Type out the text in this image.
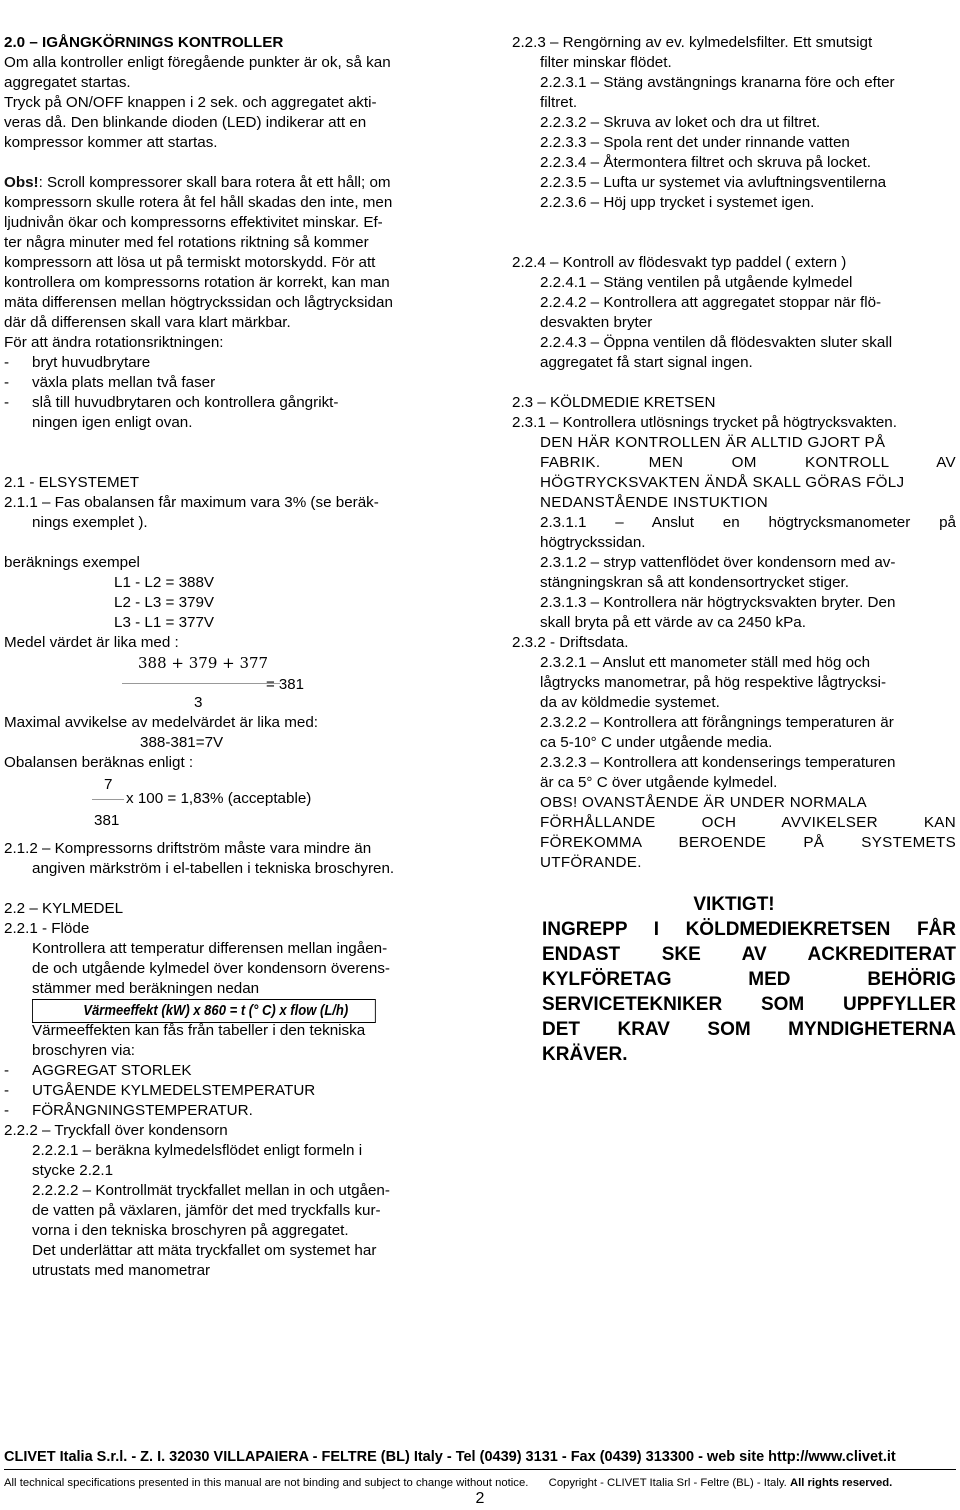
2.0 – IGÅNGKÖRNINGS KONTROLLER

Om alla kontroller enligt föregående punkter är ok, så kan

aggregatet startas.

Tryck på ON/OFF knappen i 2 sek. och aggregatet akti-

veras då. Den blinkande dioden (LED) indikerar att en

kompressor kommer att startas.

Obs!: Scroll kompressorer skall bara rotera åt ett håll; om

kompressorn skulle rotera åt fel håll skadas den inte, men

ljudnivån ökar och kompressorns effektivitet minskar. Ef-

ter några minuter med fel rotations riktning så kommer

kompressorn att lösa ut på termiskt motorskydd. För att

kontrollera om kompressorns rotation är korrekt, kan man

mäta differensen mellan högtryckssidan och lågtrycksidan

där då differensen skall vara klart märkbar.

För att ändra rotationsriktningen:

-	bryt huvudbrytare
-	växla plats mellan två faser
-	slå till huvudbrytaren och kontrollera gångrikt-
ningen igen enligt ovan.

2.1 - ELSYSTEMET

2.1.1 – Fas obalansen får maximum vara 3% (se beräk-

nings exemplet ).

beräknings exempel

L1 - L2 = 388V

L2 - L3 = 379V

L3 - L1 = 377V

Medel värdet är lika med :

388 + 379 + 377
= 381
3

Maximal avvikelse av medelvärdet är lika med:

388-381=7V

Obalansen beräknas enligt :

7
x 100 = 1,83% (acceptable)
381

2.1.2 – Kompressorns driftström måste vara mindre än

angiven märkström i el-tabellen i tekniska broschyren.

2.2 – KYLMEDEL

2.2.1 - Flöde

Kontrollera att temperatur differensen mellan ingåen-

de och utgående kylmedel över kondensorn överens-

stämmer med beräkningen nedan

Värmeeffekt (kW) x 860 = t (° C) x flow (L/h)

Värmeeffekten kan fås från tabeller i den tekniska

broschyren via:

-	AGGREGAT STORLEK
-	UTGÅENDE KYLMEDELSTEMPERATUR
-	FÖRÅNGNINGSTEMPERATUR.

2.2.2 – Tryckfall över kondensorn

2.2.2.1 – beräkna kylmedelsflödet enligt formeln i

stycke 2.2.1

2.2.2.2 – Kontrollmät tryckfallet mellan in och utgåen-

de vatten på växlaren, jämför det med tryckfalls kur-

vorna i den tekniska broschyren på aggregatet.

Det underlättar att mäta tryckfallet om systemet har

utrustats med manometrar

2.2.3 – Rengörning av ev. kylmedelsfilter. Ett smutsigt

filter minskar flödet.

2.2.3.1 – Stäng avstängnings kranarna före och efter

filtret.

2.2.3.2 – Skruva av loket och dra ut filtret.

2.2.3.3 – Spola rent det under rinnande vatten

2.2.3.4 – Återmontera filtret och skruva på locket.

2.2.3.5 – Lufta ur systemet via avluftningsventilerna

2.2.3.6 – Höj upp trycket i systemet igen.

2.2.4 – Kontroll av flödesvakt typ paddel ( extern )

2.2.4.1 – Stäng ventilen på utgående kylmedel

2.2.4.2 – Kontrollera att aggregatet stoppar när flö-

desvakten bryter

2.2.4.3 – Öppna ventilen då flödesvakten sluter skall

aggregatet få start signal ingen.

2.3 – KÖLDMEDIE KRETSEN

2.3.1 – Kontrollera utlösnings trycket på högtrycksvakten.

DEN HÄR KONTROLLEN ÄR ALLTID GJORT PÅ

FABRIK. MEN OM KONTROLL AV

HÖGTRYCKSVAKTEN ÄNDÅ SKALL GÖRAS FÖLJ

NEDANSTÅENDE INSTUKTION

2.3.1.1 – Anslut en högtrycksmanometer på

högtryckssidan.

2.3.1.2 – stryp vattenflödet över kondensorn med av-

stängningskran så att kondensortrycket stiger.

2.3.1.3 – Kontrollera när högtrycksvakten bryter. Den

skall bryta på ett värde av ca 2450 kPa.

2.3.2 - Driftsdata.

2.3.2.1 – Anslut ett manometer ställ med hög och

lågtrycks manometrar, på hög respektive lågtrycksi-

da av köldmedie systemet.

2.3.2.2 – Kontrollera att förångnings temperaturen är

ca 5-10° C under utgående media.

2.3.2.3 – Kontrollera att kondenserings temperaturen

är ca 5° C över utgående kylmedel.

OBS! OVANSTÅENDE ÄR UNDER NORMALA

FÖRHÅLLANDE OCH AVVIKELSER KAN

FÖREKOMMA BEROENDE PÅ SYSTEMETS

UTFÖRANDE.

VIKTIGT!

INGREPP I KÖLDMEDIEKRETSEN FÅR

ENDAST SKE AV ACKREDITERAT

KYLFÖRETAG MED BEHÖRIG

SERVICETEKNIKER SOM UPPFYLLER

DET KRAV SOM MYNDIGHETERNA

KRÄVER.

CLIVET Italia S.r.l. - Z. I. 32030 VILLAPAIERA - FELTRE (BL) Italy - Tel (0439) 3131 - Fax (0439) 313300 - web site http://www.clivet.it
All technical specifications presented in this manual are not binding and subject to change without notice. Copyright - CLIVET Italia Srl - Feltre (BL) - Italy. All rights reserved.
2
